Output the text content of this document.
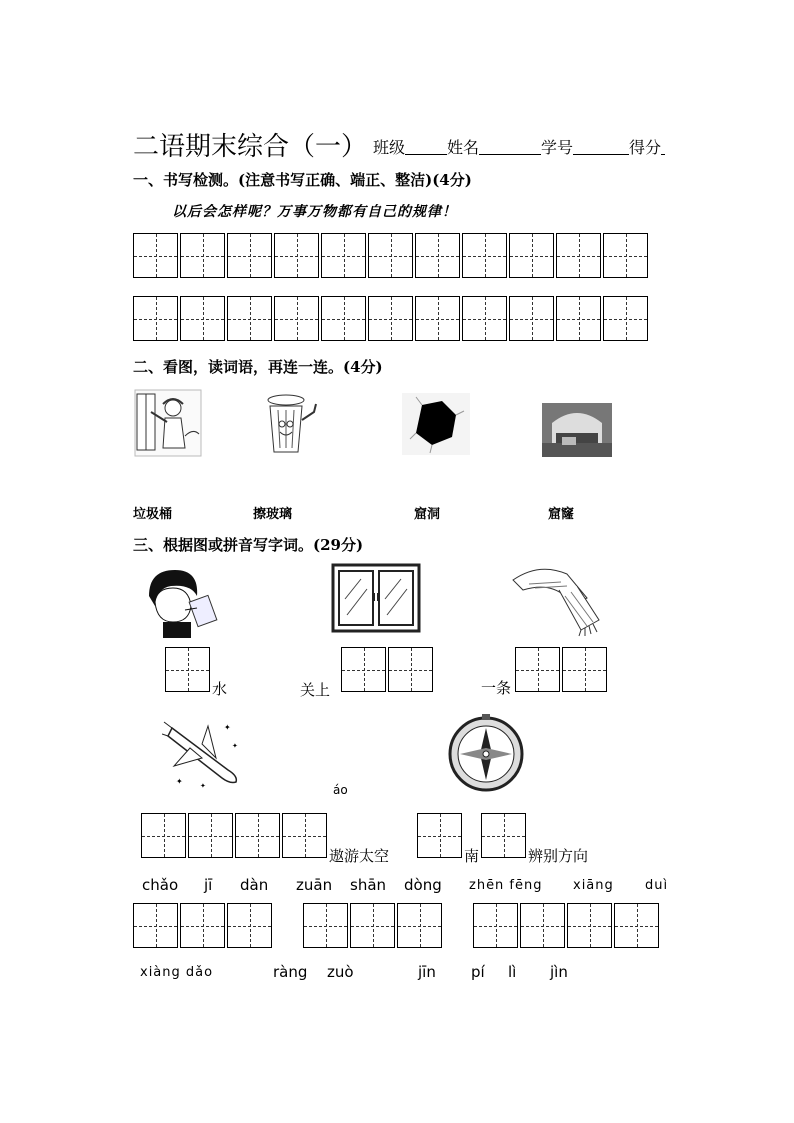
二语期末综合（一） 班级	姓名	学号	得分
一、书写检测。(注意书写正确、端正、整洁)(4分)
以后会怎样呢？万事万物都有自己的规律！
二、看图，读词语，再连一连。(4分)
垃圾桶	擦玻璃	窟洞	窟窿
三、根据图或拼音写字词。(29分)
水	关上	一条
✦
✦
✦
✦	áo
遨游太空	南	辨别方向
chǎo jī dàn zuān shān dòng zhēn fēng xiāng duì
xiàng dǎo	ràng zuò	jīn pí lì jìn
